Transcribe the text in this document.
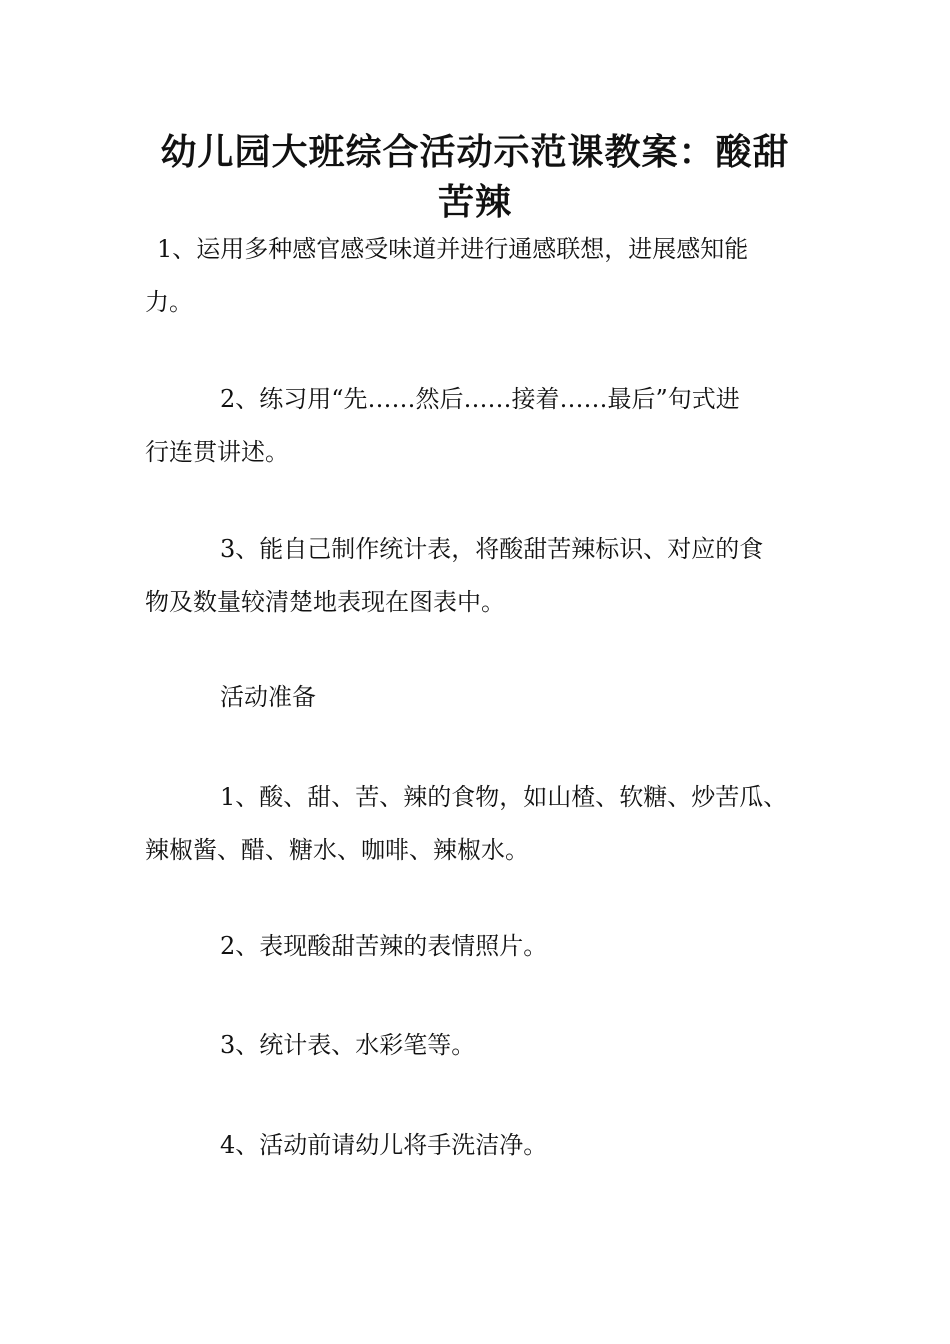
幼儿园大班综合活动示范课教案：酸甜
苦辣

1、运用多种感官感受味道并进行通感联想，进展感知能
力。

2、练习用“先……然后……接着……最后”句式进
行连贯讲述。

3、能自己制作统计表，将酸甜苦辣标识、对应的食
物及数量较清楚地表现在图表中。

活动准备

1、酸、甜、苦、辣的食物，如山楂、软糖、炒苦瓜、
辣椒酱、醋、糖水、咖啡、辣椒水。

2、表现酸甜苦辣的表情照片。

3、统计表、水彩笔等。

4、活动前请幼儿将手洗洁净。
